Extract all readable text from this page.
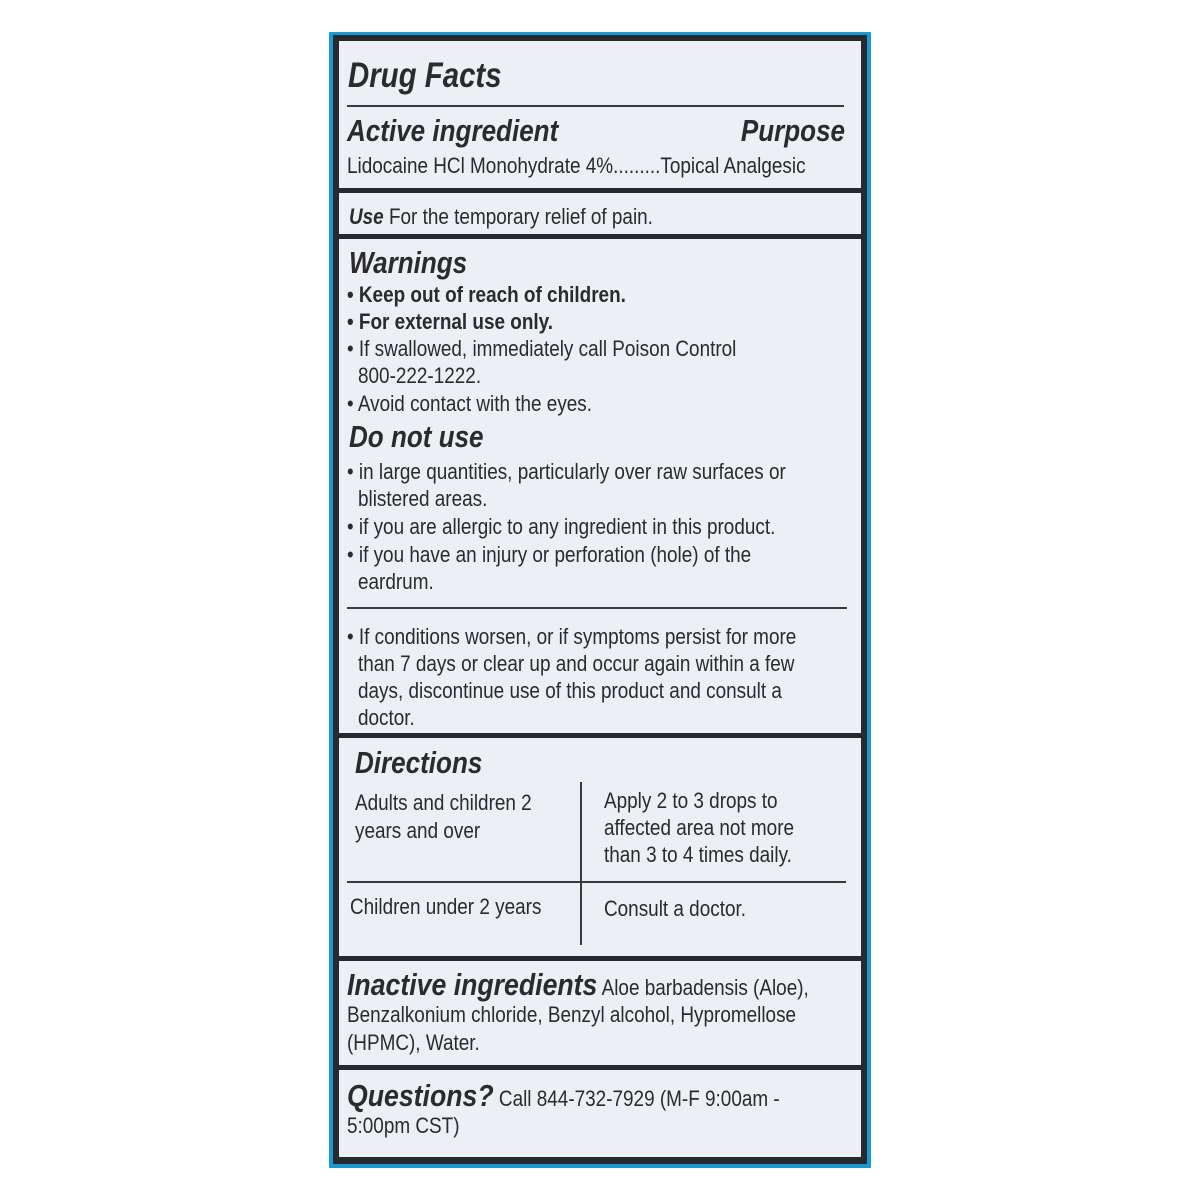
Drug Facts
Active ingredient	Purpose
Lidocaine HCl Monohydrate 4%.........Topical Analgesic
Use For the temporary relief of pain.
Warnings
• Keep out of reach of children.
• For external use only.
• If swallowed, immediately call Poison Control
800-222-1222.
• Avoid contact with the eyes.
Do not use
• in large quantities, particularly over raw surfaces or
blistered areas.
• if you are allergic to any ingredient in this product.
• if you have an injury or perforation (hole) of the
eardrum.
• If conditions worsen, or if symptoms persist for more
than 7 days or clear up and occur again within a few
days, discontinue use of this product and consult a
doctor.
Directions
Adults and children 2
years and over
Apply 2 to 3 drops to
affected area not more
than 3 to 4 times daily.
Children under 2 years	Consult a doctor.
Inactive ingredients Aloe barbadensis (Aloe),
Benzalkonium chloride, Benzyl alcohol, Hypromellose
(HPMC), Water.
Questions? Call 844-732-7929 (M-F 9:00am -
5:00pm CST)
